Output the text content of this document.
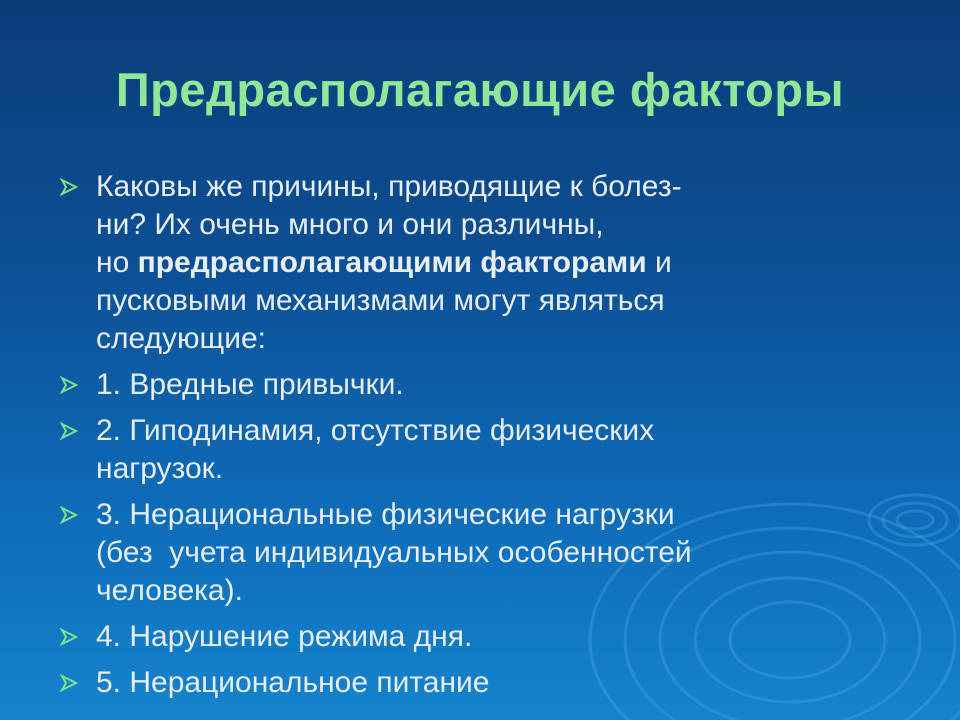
Предрасполагающие факторы
Каковы же причины, приводящие к болез-
ни? Их очень много и они различны,
но предрасполагающими факторами и
пусковыми механизмами могут являться
следующие:
1. Вредные привычки.
2. Гиподинамия, отсутствие физических
нагрузок.
3. Нерациональные физические нагрузки
(без  учета индивидуальных особенностей
человека).
4. Нарушение режима дня.
5. Нерациональное питание
